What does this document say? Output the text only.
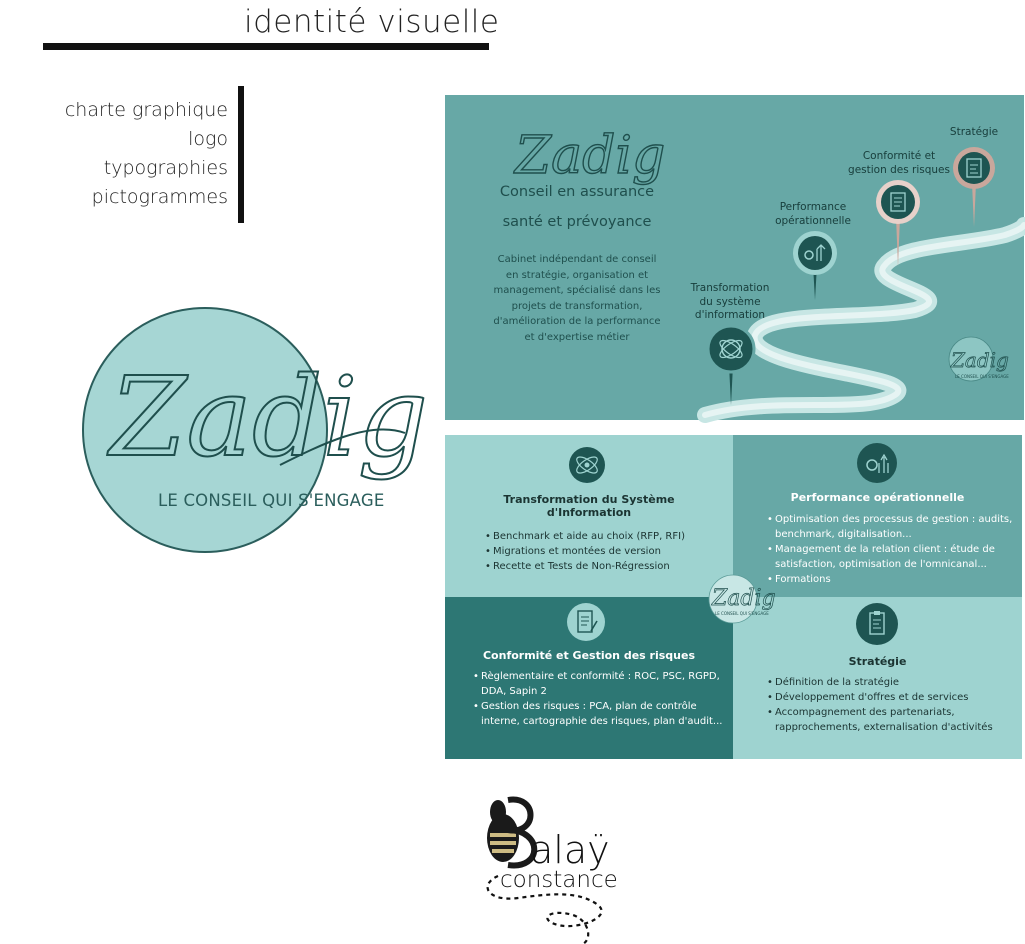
identité visuelle
charte graphique
logo
typographies
pictogrammes
Zadig
LE CONSEIL QUI S'ENGAGE
Zadig
LE CONSEIL QUI S'ENGAGE
Zadig
Conseil en assurance
santé et prévoyance
Cabinet indépendant de conseil en stratégie, organisation et management, spécialisé dans les projets de transformation, d'amélioration de la performance et d'expertise métier
Transformation
du système
d'information
Performance
opérationnelle
Conformité et
gestion des risques
Stratégie
Transformation du Système
d'Information
• Benchmark et aide au choix (RFP, RFI)
• Migrations et montées de version
• Recette et Tests de Non-Régression
Performance opérationnelle
• Optimisation des processus de gestion : audits, benchmark, digitalisation...
• Management de la relation client : étude de satisfaction, optimisation de l'omnicanal...
• Formations
Conformité et Gestion des risques
• Règlementaire et conformité : ROC, PSC, RGPD, DDA, Sapin 2
• Gestion des risques : PCA, plan de contrôle interne, cartographie des risques, plan d'audit...
Stratégie
• Définition de la stratégie
• Développement d'offres et de services
• Accompagnement des partenariats, rapprochements, externalisation d'activités
Zadig
LE CONSEIL QUI S'ENGAGE
alaÿ
constance
